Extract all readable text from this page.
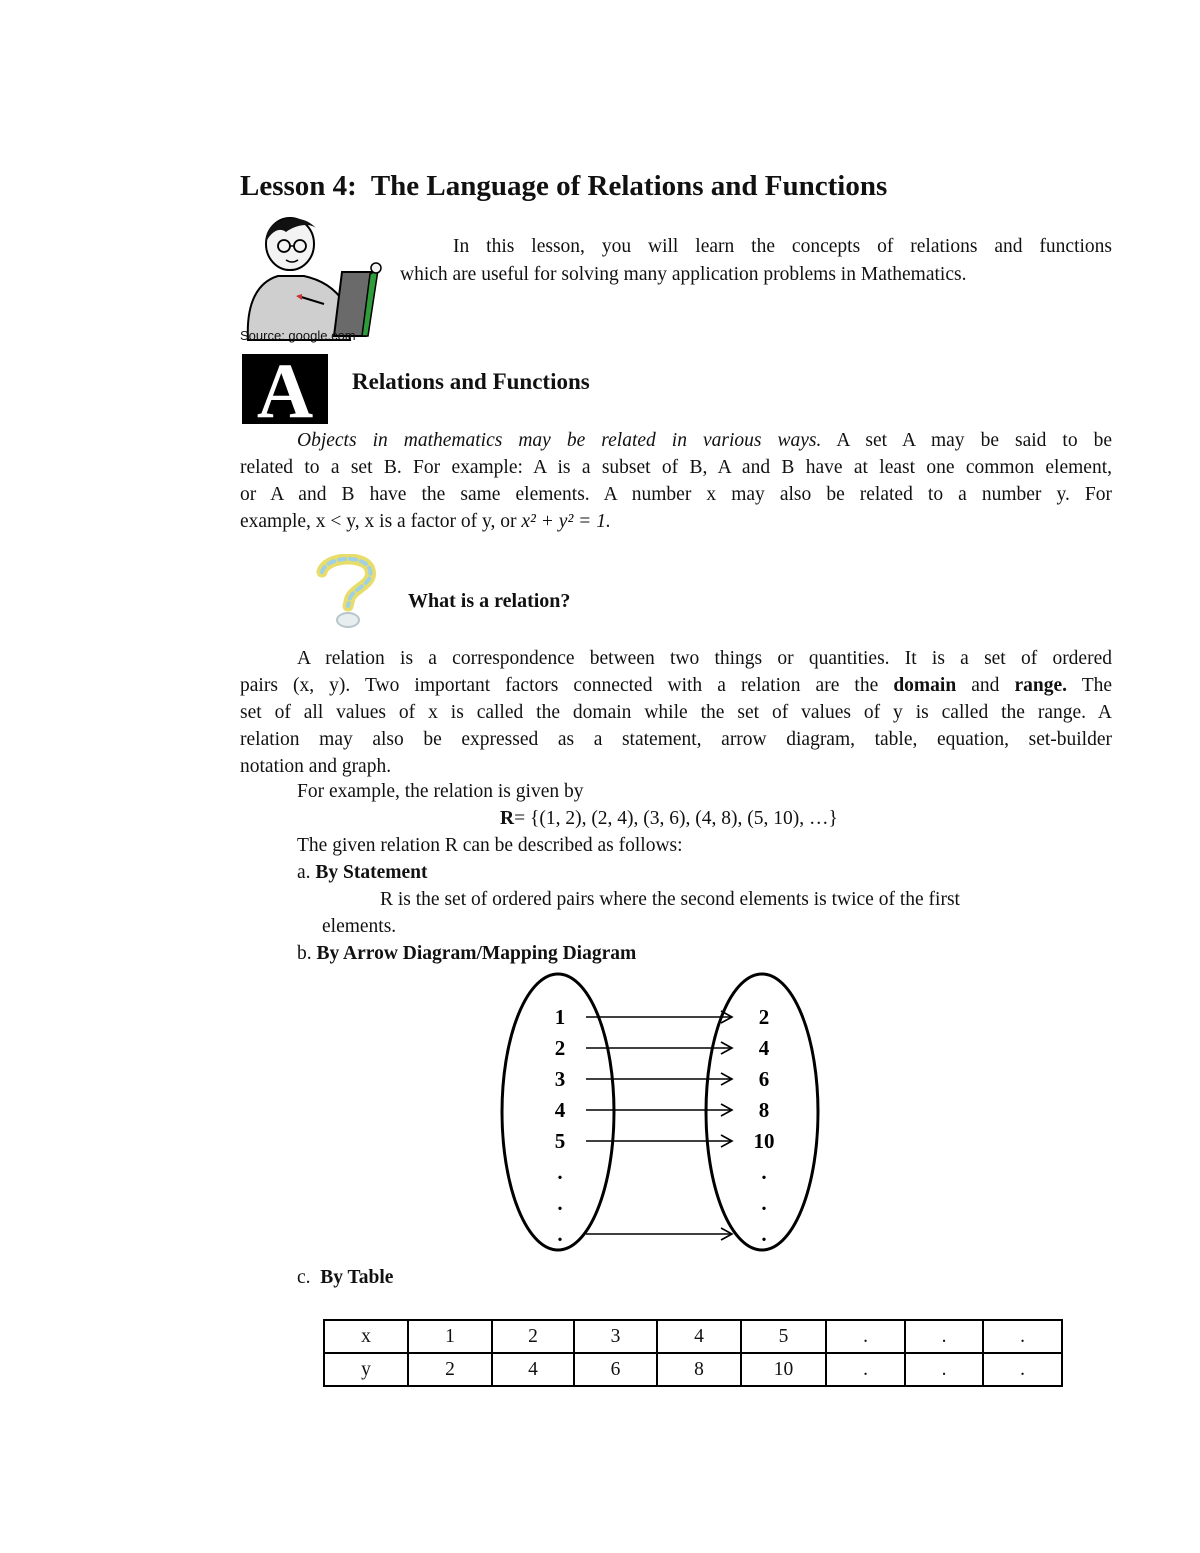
Lesson 4: The Language of Relations and Functions
Source: google.com
In this lesson, you will learn the concepts of relations and functions
which are useful for solving many application problems in Mathematics.
A	Relations and Functions
Objects in mathematics may be related in various ways. A set A may be said to be
related to a set B. For example: A is a subset of B, A and B have at least one common element,
or A and B have the same elements. A number x may also be related to a number y. For
example, x < y, x is a factor of y, or x² + y² = 1.
What is a relation?
A relation is a correspondence between two things or quantities. It is a set of ordered
pairs (x, y). Two important factors connected with a relation are the domain and range. The
set of all values of x is called the domain while the set of values of y is called the range. A
relation may also be expressed as a statement, arrow diagram, table, equation, set-builder
notation and graph.
For example, the relation is given by
R= {(1, 2), (2, 4), (3, 6), (4, 8), (5, 10), …}
The given relation R can be described as follows:
a. By Statement
R is the set of ordered pairs where the second elements is twice of the first
elements.
b. By Arrow Diagram/Mapping Diagram
1
2
3
4
5
.
.
.
2
4
6
8
10
.
.
.
c. By Table
x	1	2	3	4	5	.	.	.
y	2	4	6	8	10	.	.	.
